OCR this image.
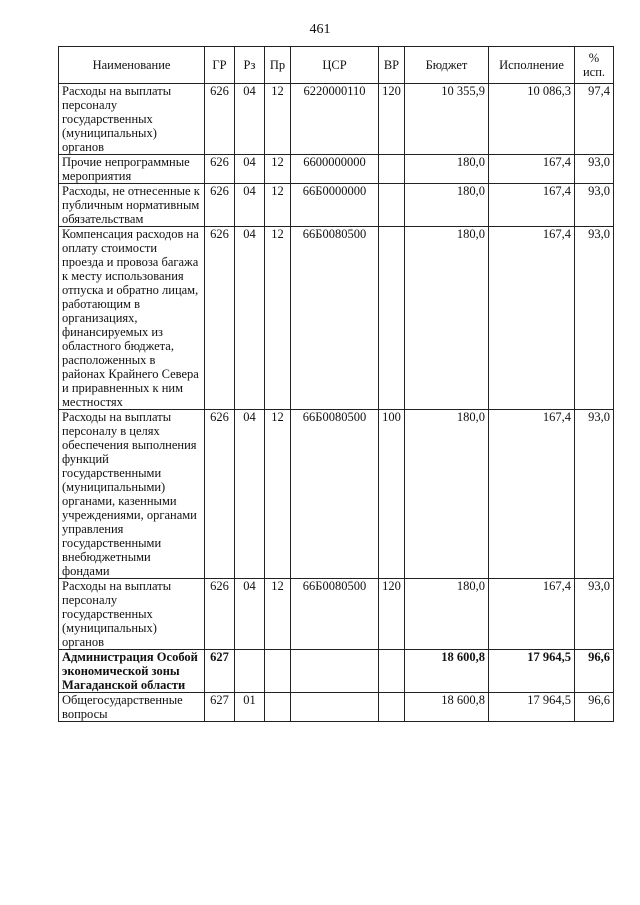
461
Наименование	ГР	Рз	Пр	ЦСР	ВР	Бюджет	Исполнение	% исп.
Расходы на выплаты персоналу государственных (муниципальных) органов	626	04	12	6220000110	120	10 355,9	10 086,3	97,4
Прочие непрограммные мероприятия	626	04	12	6600000000		180,0	167,4	93,0
Расходы, не отнесенные к публичным нормативным обязательствам	626	04	12	66Б0000000		180,0	167,4	93,0
Компенсация расходов на оплату стоимости проезда и провоза багажа к месту использования отпуска и обратно лицам, работающим в организациях, финансируемых из областного бюджета, расположенных в районах Крайнего Севера и приравненных к ним местностях	626	04	12	66Б0080500		180,0	167,4	93,0
Расходы на выплаты персоналу в целях обеспечения выполнения функций государственными (муниципальными) органами, казенными учреждениями, органами управления государственными внебюджетными фондами	626	04	12	66Б0080500	100	180,0	167,4	93,0
Расходы на выплаты персоналу государственных (муниципальных) органов	626	04	12	66Б0080500	120	180,0	167,4	93,0
Администрация Особой экономической зоны Магаданской области	627					18 600,8	17 964,5	96,6
Общегосударственные вопросы	627	01				18 600,8	17 964,5	96,6
